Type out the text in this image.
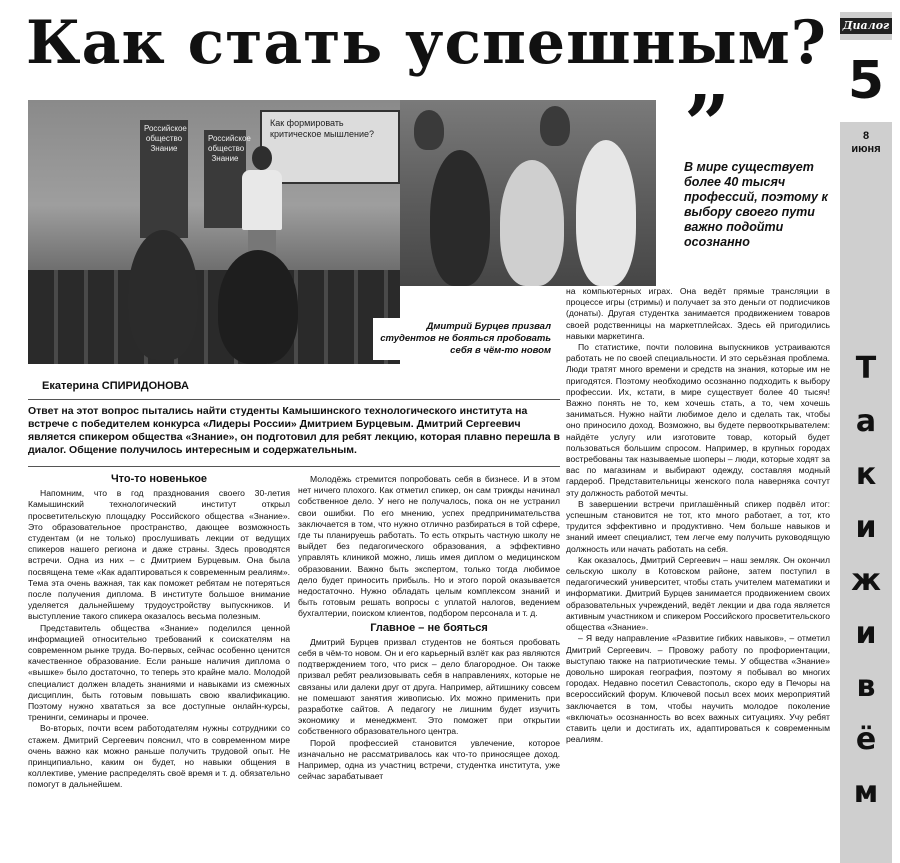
Как стать успешным? Диалог
5
8
июня
Т
а
к
и
ж
и
в
ё
м
Российское общество Знание
Российское общество Знание
Как формировать критическое мышление?
Дмитрий Бурцев призвал студентов не бояться пробовать себя в чём-то новом
”
В мире существует более 40 тысяч профессий, поэтому к выбору своего пути важно подойти осознанно
Екатерина СПИРИДОНОВА
Ответ на этот вопрос пытались найти студенты Камышинского технологического института на встрече с победителем конкурса «Лидеры России» Дмитрием Бурцевым. Дмитрий Сергеевич является спикером общества «Знание», он подготовил для ребят лекцию, которая плавно перешла в диалог. Общение получилось интересным и содержательным.
Что-то новенькое

Напомним, что в год празднования своего 30-летия Камышинский технологический институт открыл просветительскую площадку Российского общества «Знание». Это образовательное пространство, дающее возможность студентам (и не только) прослушивать лекции от ведущих спикеров нашего региона и даже страны. Здесь проводятся встречи. Одна из них – с Дмитрием Бурцевым. Она была посвящена теме «Как адаптироваться к современным реалиям». Тема эта очень важная, так как поможет ребятам не потеряться после получения диплома. В институте большое внимание уделяется дальнейшему трудоустройству выпускников. И выступление такого спикера оказалось весьма полезным.

Представитель общества «Знание» поделился ценной информацией относительно требований к соискателям на современном рынке труда. Во-первых, сейчас особенно ценится качественное образование. Если раньше наличия диплома о «вышке» было достаточно, то теперь это крайне мало. Молодой специалист должен владеть знаниями и навыками из смежных дисциплин, быть готовым повышать свою квалификацию. Поэтому нужно хвататься за все доступные онлайн-курсы, тренинги, семинары и прочее.

Во-вторых, почти всем работодателям нужны сотрудники со стажем. Дмитрий Сергеевич пояснил, что в современном мире очень важно как можно раньше получить трудовой опыт. Не принципиально, каким он будет, но навыки общения в коллективе, умение распределять своё время и т. д. обязательно помогут в дальнейшем.

Молодёжь стремится попробовать себя в бизнесе. И в этом нет ничего плохого. Как отметил спикер, он сам трижды начинал собственное дело. У него не получалось, пока он не устранил свои ошибки. По его мнению, успех предпринимательства заключается в том, что нужно отлично разбираться в той сфере, где ты планируешь работать. То есть открыть частную школу не выйдет без педагогического образования, а эффективно управлять клиникой можно, лишь имея диплом о медицинском образовании. Важно быть экспертом, только тогда любимое дело будет приносить прибыль. Но и этого порой оказывается недостаточно. Нужно обладать целым комплексом знаний и быть готовым решать вопросы с уплатой налогов, ведением бухгалтерии, поиском клиентов, подбором персонала и т. д.

Главное – не бояться

Дмитрий Бурцев призвал студентов не бояться пробовать себя в чём-то новом. Он и его карьерный взлёт как раз являются подтверждением того, что риск – дело благородное. Он также призвал ребят реализовывать себя в направлениях, которые не связаны или далеки друг от друга. Например, айтишнику совсем не помешают занятия живописью. Их можно применить при разработке сайтов. А педагогу не лишним будет изучить экономику и менеджмент. Это поможет при открытии собственного образовательного центра.

Порой профессией становится увлечение, которое изначально не рассматривалось как что-то приносящее доход. Например, одна из участниц встречи, студентка института, уже сейчас зарабатывает

на компьютерных играх. Она ведёт прямые трансляции в процессе игры (стримы) и получает за это деньги от подписчиков (донаты). Другая студентка занимается продвижением товаров своей родственницы на маркетплейсах. Здесь ей пригодились навыки маркетинга.

По статистике, почти половина выпускников устраиваются работать не по своей специальности. И это серьёзная проблема. Люди тратят много времени и средств на знания, которые им не пригодятся. Поэтому необходимо осознанно подходить к выбору профессии. Их, кстати, в мире существует более 40 тысяч! Важно понять не то, кем хочешь стать, а то, чем хочешь заниматься. Нужно найти любимое дело и сделать так, чтобы оно приносило доход. Возможно, вы будете первооткрывателем: найдёте услугу или изготовите товар, который будет пользоваться большим спросом. Например, в крупных городах востребованы так называемые шоперы – люди, которые ходят за вас по магазинам и выбирают одежду, составляя модный гардероб. Представительницы женского пола наверняка сочтут эту должность работой мечты.

В завершении встречи приглашённый спикер подвёл итог: успешным становится не тот, кто много работает, а тот, кто трудится эффективно и продуктивно. Чем больше навыков и знаний имеет специалист, тем легче ему получить руководящую должность или начать работать на себя.

Как оказалось, Дмитрий Сергеевич – наш земляк. Он окончил сельскую школу в Котовском районе, затем поступил в педагогический университет, чтобы стать учителем математики и информатики. Дмитрий Бурцев занимается продвижением своих образовательных учреждений, ведёт лекции и два года является активным участником и спикером Российского просветительского общества «Знание».

– Я веду направление «Развитие гибких навыков», – отметил Дмитрий Сергеевич. – Провожу работу по профориентации, выступаю также на патриотические темы. У общества «Знание» довольно широкая география, поэтому я побывал во многих городах. Недавно посетил Севастополь, скоро еду в Печоры на всероссийский форум. Ключевой посыл всех моих мероприятий заключается в том, чтобы научить молодое поколение «включать» осознанность во всех важных ситуациях. Учу ребят ставить цели и достигать их, адаптироваться к современным реалиям.
